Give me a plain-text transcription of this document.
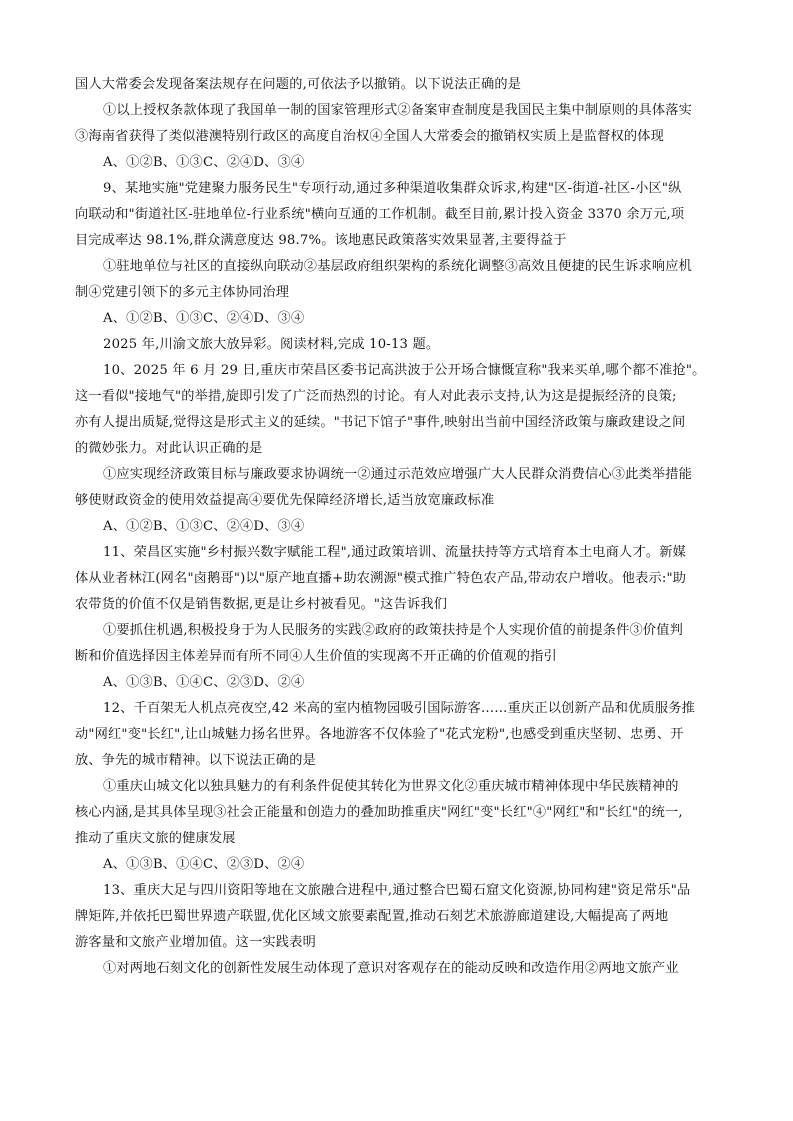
国人大常委会发现备案法规存在问题的,可依法予以撤销。以下说法正确的是
①以上授权条款体现了我国单一制的国家管理形式②备案审查制度是我国民主集中制原则的具体落实
③海南省获得了类似港澳特别行政区的高度自治权④全国人大常委会的撤销权实质上是监督权的体现
A、①②B、①③C、②④D、③④
9、某地实施"党建聚力服务民生"专项行动,通过多种渠道收集群众诉求,构建"区-街道-社区-小区"纵
向联动和"街道社区-驻地单位-行业系统"横向互通的工作机制。截至目前,累计投入资金 3370 余万元,项
目完成率达 98.1%,群众满意度达 98.7%。该地惠民政策落实效果显著,主要得益于
①驻地单位与社区的直接纵向联动②基层政府组织架构的系统化调整③高效且便捷的民生诉求响应机
制④党建引领下的多元主体协同治理
A、①②B、①③C、②④D、③④
2025 年,川渝文旅大放异彩。阅读材料,完成 10-13 题。
10、2025 年 6 月 29 日,重庆市荣昌区委书记高洪波于公开场合慷慨宣称"我来买单,哪个都不准抢"。
这一看似"接地气"的举措,旋即引发了广泛而热烈的讨论。有人对此表示支持,认为这是提振经济的良策;
亦有人提出质疑,觉得这是形式主义的延续。"书记下馆子"事件,映射出当前中国经济政策与廉政建设之间
的微妙张力。对此认识正确的是
①应实现经济政策目标与廉政要求协调统一②通过示范效应增强广大人民群众消费信心③此类举措能
够使财政资金的使用效益提高④要优先保障经济增长,适当放宽廉政标准
A、①②B、①③C、②④D、③④
11、荣昌区实施"乡村振兴数字赋能工程",通过政策培训、流量扶持等方式培育本土电商人才。新媒
体从业者林江(网名"卤鹅哥")以"原产地直播+助农溯源"模式推广特色农产品,带动农户增收。他表示:"助
农带货的价值不仅是销售数据,更是让乡村被看见。"这告诉我们
①要抓住机遇,积极投身于为人民服务的实践②政府的政策扶持是个人实现价值的前提条件③价值判
断和价值选择因主体差异而有所不同④人生价值的实现离不开正确的价值观的指引
A、①③B、①④C、②③D、②④
12、千百架无人机点亮夜空,42 米高的室内植物园吸引国际游客……重庆正以创新产品和优质服务推
动"网红"变"长红",让山城魅力扬名世界。各地游客不仅体验了"花式宠粉",也感受到重庆坚韧、忠勇、开
放、争先的城市精神。以下说法正确的是
①重庆山城文化以独具魅力的有利条件促使其转化为世界文化②重庆城市精神体现中华民族精神的
核心内涵,是其具体呈现③社会正能量和创造力的叠加助推重庆"网红"变"长红"④"网红"和"长红"的统一,
推动了重庆文旅的健康发展
A、①③B、①④C、②③D、②④
13、重庆大足与四川资阳等地在文旅融合进程中,通过整合巴蜀石窟文化资源,协同构建"资足常乐"品
牌矩阵,并依托巴蜀世界遗产联盟,优化区域文旅要素配置,推动石刻艺术旅游廊道建设,大幅提高了两地
游客量和文旅产业增加值。这一实践表明
①对两地石刻文化的创新性发展生动体现了意识对客观存在的能动反映和改造作用②两地文旅产业
